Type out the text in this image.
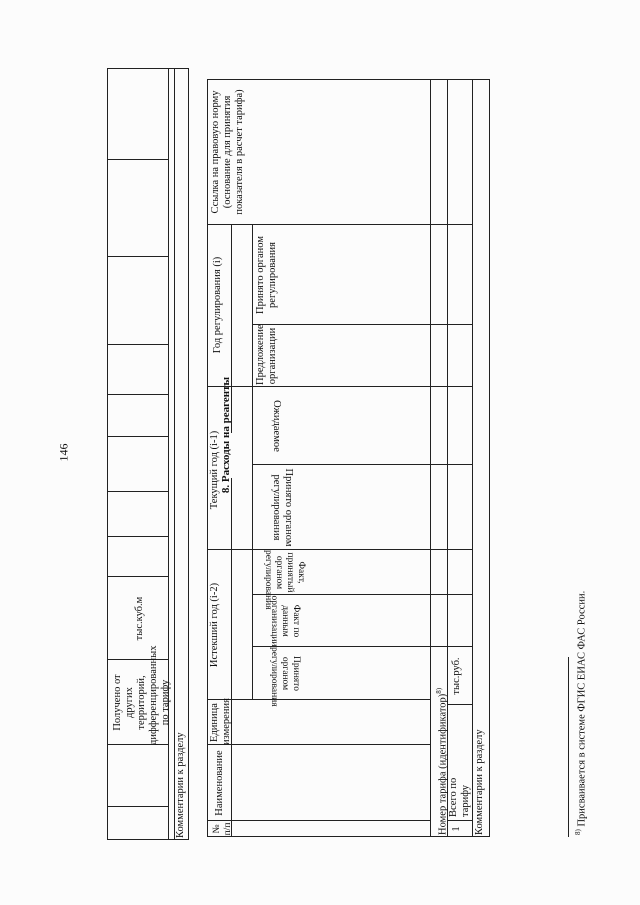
146
Получено от других территорий, дифференцированных по тарифу
тыс.куб.м
Комментарии к разделу
8. Расходы на реагенты
№ п/п
Наименование
Единица измерения
Истекший год (i-2)
Текущий год (i-1)
Год регулирования (i)
Ссылка на правовую норму (основание для принятия показателя в расчет тарифа)
Принято органом регулирования
Факт по данным организации
Факт, принятый органом регулирования
Принято органом регулирования
Ожидаемое
Предложение организации
Принято органом регулирования
Номер тарифа (идентификатор)$^{8)}$
1
Всего по тарифу
тыс.руб.
Комментарии к разделу	$^{8)}$ Присваивается в системе ФГИС ЕИАС ФАС России.
